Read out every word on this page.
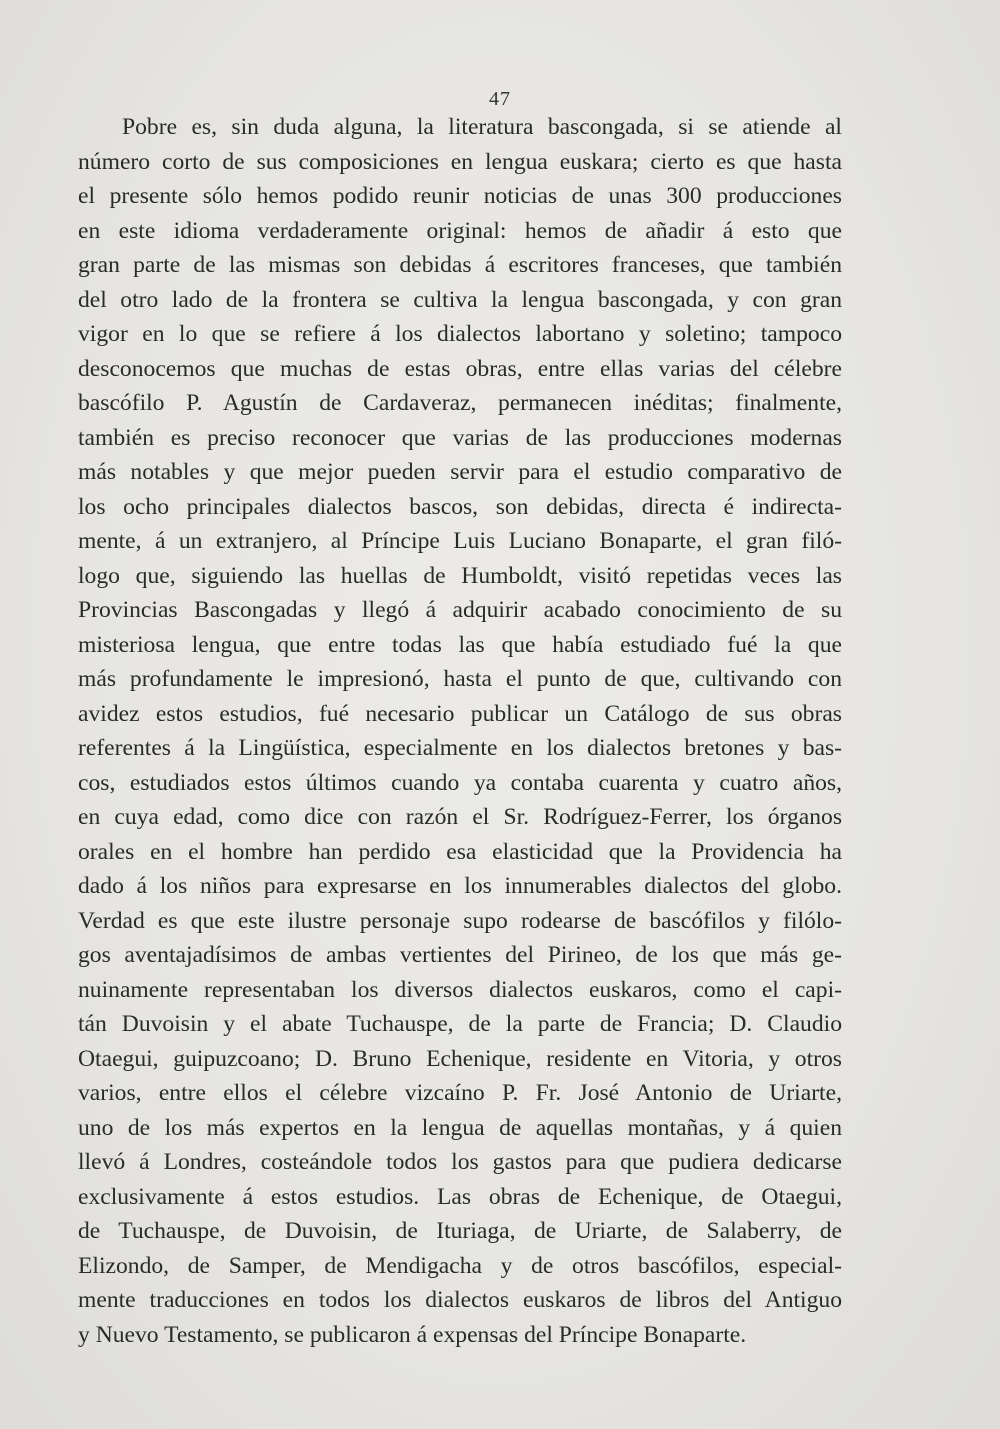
47
Pobre es, sin duda alguna, la literatura bascongada, si se atiende al
número corto de sus composiciones en lengua euskara; cierto es que hasta
el presente sólo hemos podido reunir noticias de unas 300 producciones
en este idioma verdaderamente original: hemos de añadir á esto que
gran parte de las mismas son debidas á escritores franceses, que también
del otro lado de la frontera se cultiva la lengua bascongada, y con gran
vigor en lo que se refiere á los dialectos labortano y soletino; tampoco
desconocemos que muchas de estas obras, entre ellas varias del célebre
bascófilo P. Agustín de Cardaveraz, permanecen inéditas; finalmente,
también es preciso reconocer que varias de las producciones modernas
más notables y que mejor pueden servir para el estudio comparativo de
los ocho principales dialectos bascos, son debidas, directa é indirecta-
mente, á un extranjero, al Príncipe Luis Luciano Bonaparte, el gran filó-
logo que, siguiendo las huellas de Humboldt, visitó repetidas veces las
Provincias Bascongadas y llegó á adquirir acabado conocimiento de su
misteriosa lengua, que entre todas las que había estudiado fué la que
más profundamente le impresionó, hasta el punto de que, cultivando con
avidez estos estudios, fué necesario publicar un Catálogo de sus obras
referentes á la Lingüística, especialmente en los dialectos bretones y bas-
cos, estudiados estos últimos cuando ya contaba cuarenta y cuatro años,
en cuya edad, como dice con razón el Sr. Rodríguez-Ferrer, los órganos
orales en el hombre han perdido esa elasticidad que la Providencia ha
dado á los niños para expresarse en los innumerables dialectos del globo.
Verdad es que este ilustre personaje supo rodearse de bascófilos y filólo-
gos aventajadísimos de ambas vertientes del Pirineo, de los que más ge-
nuinamente representaban los diversos dialectos euskaros, como el capi-
tán Duvoisin y el abate Tuchauspe, de la parte de Francia; D. Claudio
Otaegui, guipuzcoano; D. Bruno Echenique, residente en Vitoria, y otros
varios, entre ellos el célebre vizcaíno P. Fr. José Antonio de Uriarte,
uno de los más expertos en la lengua de aquellas montañas, y á quien
llevó á Londres, costeándole todos los gastos para que pudiera dedicarse
exclusivamente á estos estudios. Las obras de Echenique, de Otaegui,
de Tuchauspe, de Duvoisin, de Ituriaga, de Uriarte, de Salaberry, de
Elizondo, de Samper, de Mendigacha y de otros bascófilos, especial-
mente traducciones en todos los dialectos euskaros de libros del Antiguo
y Nuevo Testamento, se publicaron á expensas del Príncipe Bonaparte.
